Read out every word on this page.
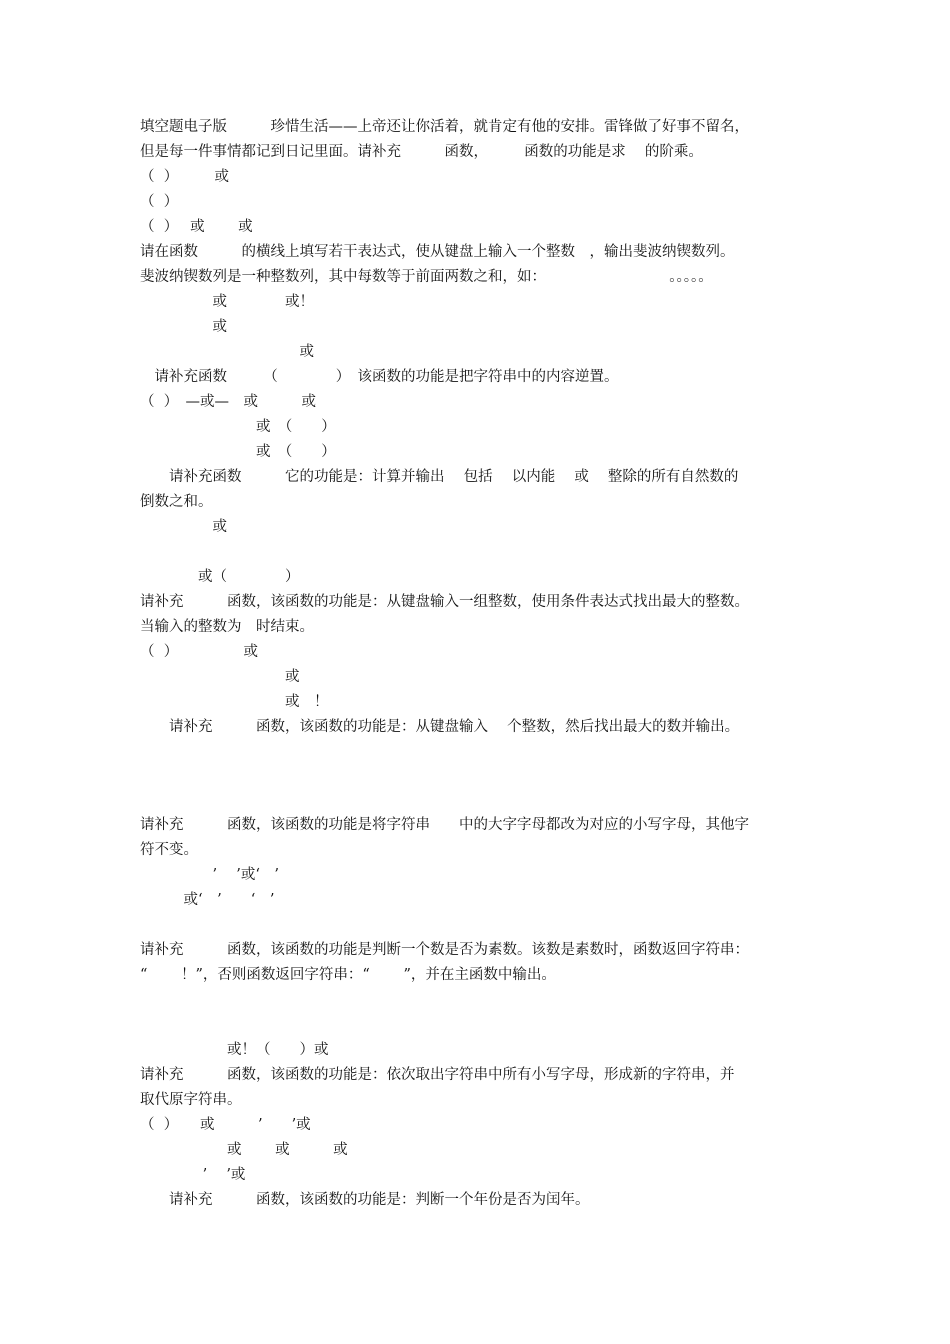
填空题电子版　　　珍惜生活——上帝还让你活着，就肯定有他的安排。雷锋做了好事不留名，
但是每一件事情都记到日记里面。请补充　　　函数，　　　函数的功能是求　 的阶乘。
（  ）　　　或
（  ）
（  ）　 或　　 或
请在函数　　　的横线上填写若干表达式，使从键盘上输入一个整数　，输出斐波纳锲数列。
斐波纳锲数列是一种整数列，其中每数等于前面两数之和，如：　　　　　　　　　。。。。。
　　　　　或　　　　或！
　　　　　或
　　　　　　　　　　　或
　请补充函数　　　（　　　　）　该函数的功能是把字符串中的内容逆置。
（  ）　—或—　或　　　或
　　　　　　　　或　（　　）
　　　　　　　　或　（　　）
　　请补充函数　　　它的功能是：计算并输出　 包括　 以内能　 或　 整除的所有自然数的
倒数之和。
　　　　　或
　　　　或（　　　　）
请补充　　　函数，该函数的功能是：从键盘输入一组整数，使用条件表达式找出最大的整数。
当输入的整数为　时结束。
（  ）　　　　　或
　　　　　　　　　　或
　　　　　　　　　　或　！
　　请补充　　　函数，该函数的功能是：从键盘输入　 个整数，然后找出最大的数并输出。
请补充　　　函数，该函数的功能是将字符串　　中的大字字母都改为对应的小写字母，其他字
符不变。
　　　　　’　 ’或‘　’
　　　或‘　’　　‘　’
请补充　　　函数，该函数的功能是判断一个数是否为素数。该数是素数时，函数返回字符串：
“　　 ！”，否则函数返回字符串：“　　 ”，并在主函数中输出。
　　　　　　或！（　　）或
请补充　　　函数，该函数的功能是：依次取出字符串中所有小写字母，形成新的字符串，并
取代原字符串。
（  ）　　或　　　’　　’或
　　　　　　或　　 或　　　或
　　　　 ’　 ’或
　　请补充　　　函数，该函数的功能是：判断一个年份是否为闰年。
